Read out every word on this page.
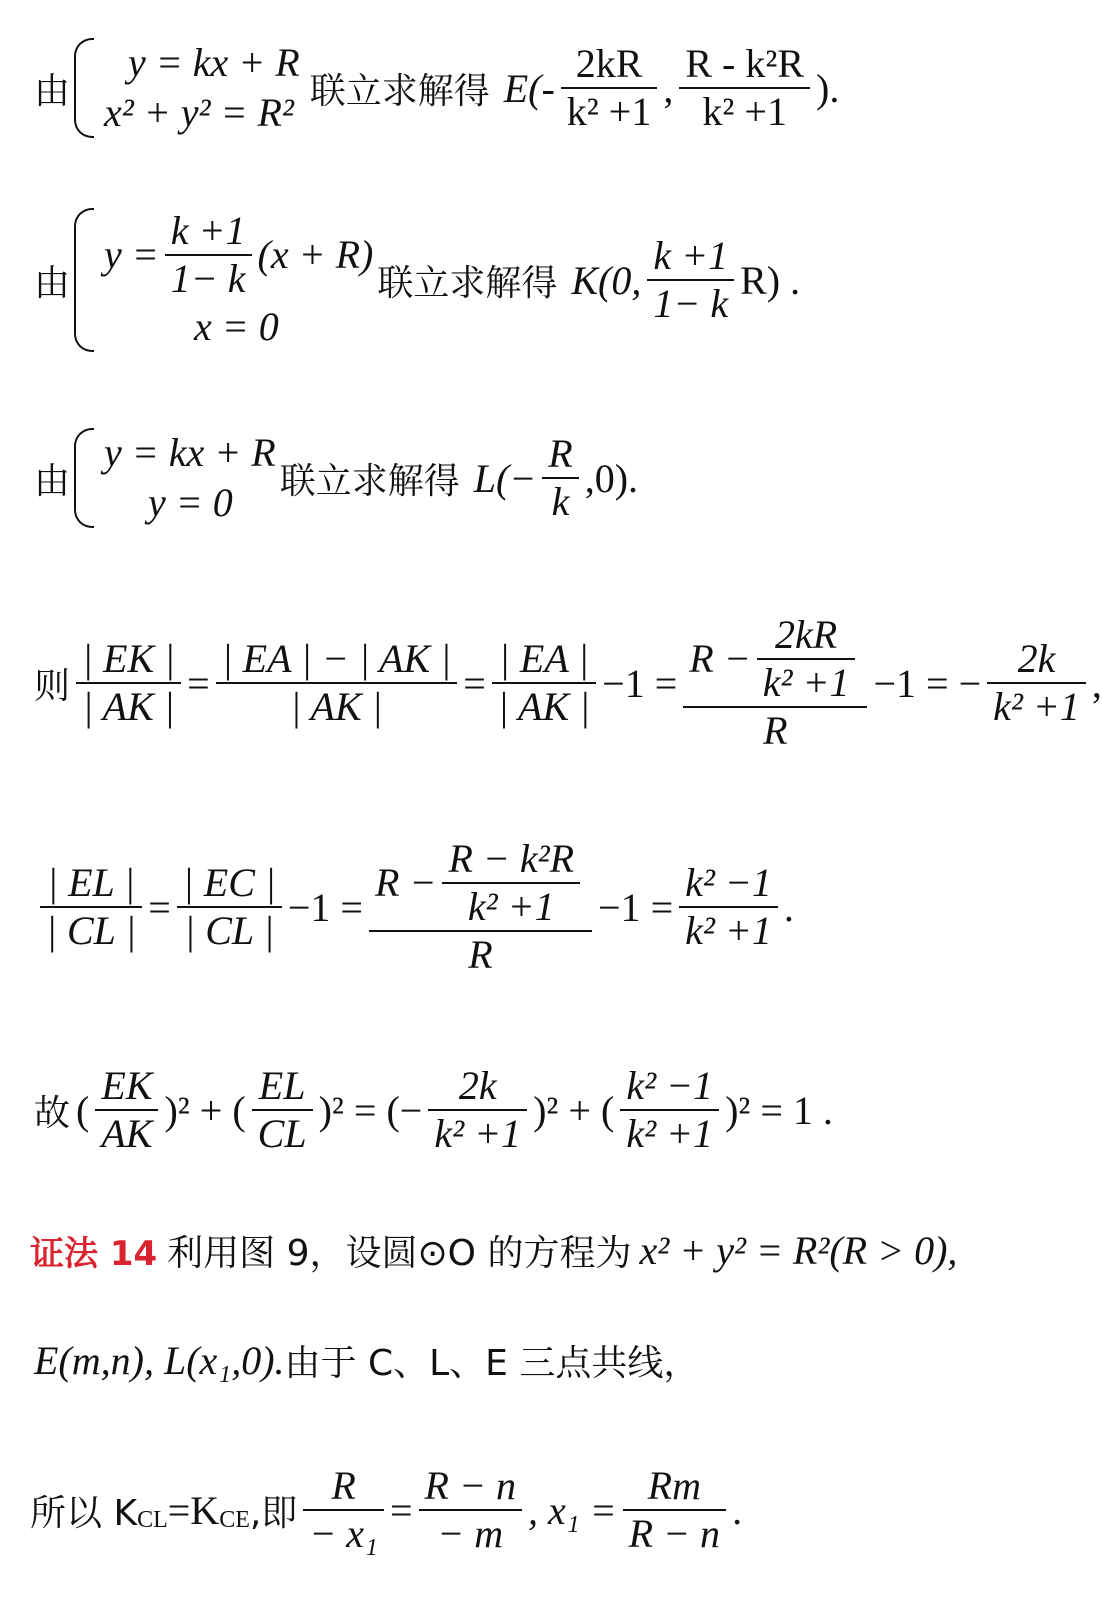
由
y = kx + R
x² + y² = R² 联立求解得 $E(- \frac{2kR}{\text{k² +1}}$ , $\frac{\text{R - k²R}}{\text{k² +1}}$ ).
由
$y = \frac{k +1}{1- k} (x + R)$
x = 0
联立求解得 K(0, $\frac{k +1}{1- k} R$) .
由
y = kx + R
y = 0	联立求解得 $L(- \frac{R}{k} ,0)$.
则 $\frac{| EK |}{| AK |} = \frac{| EA | - | AK |}{| AK |} = \frac{| EA |}{| AK |} -1$ =
$R - \frac{2kR}{\text{k² +1}}$
R
−1 = − $\frac{2k}{\text{k² +1}}$ ,
$\frac{| EL |}{| CL |} = \frac{| EC |}{| CL |} -1$ =
$R - \frac{\text{R − k²R}}{\text{k² +1}}$
R
$-1 = \frac{\text{k² −1}}{\text{k² +1}}$ .
故 ( $\frac{EK}{AK} )^2$ + ( $\frac{EL}{CL} )^2$ = (− $\frac{2k}{\text{k² +1}} )^2$ + ( $\frac{\text{k² −1}}{\text{k² +1}} )^2 = 1$ .
证法 14 利用图 9，设圆⊙O 的方程为 x² + y² = R²(R > 0),
E(m,n), L(x₁,0). 由于 C、L、E 三点共线，
所以 K CL =K CE ,即 $\frac{R}{\text{− x₁}} = \frac{R - n}{- m}$ , $x_1 = \frac{Rm}{R - n}$ .
